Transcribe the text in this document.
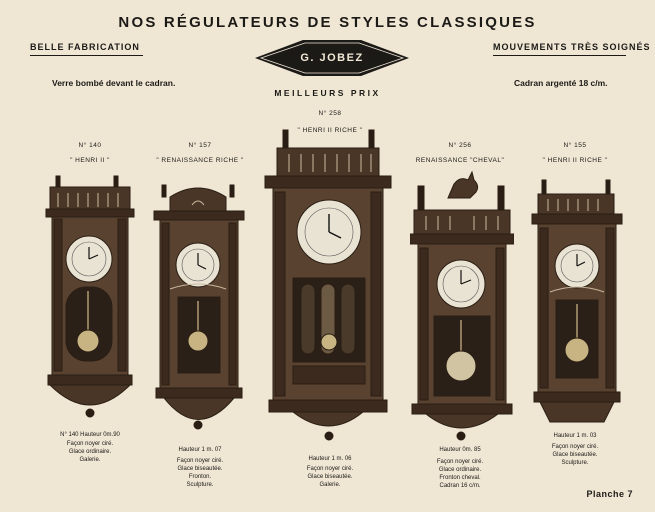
NOS RÉGULATEURS DE STYLES CLASSIQUES
BELLE FABRICATION	MOUVEMENTS TRÈS SOIGNÉS
Verre bombé devant le cadran.	Cadran argenté 18 c/m.
G. JOBEZ
MEILLEURS PRIX
N° 140
" HENRI II "
N° 140 Hauteur 0m.90
Façon noyer ciré.
Glace ordinaire.
Galerie.
N° 157
" RENAISSANCE RICHE "
Hauteur 1 m. 07
Façon noyer ciré.
Glace biseautée.
Fronton.
Sculpture.
N° 258
" HENRI II RICHE "
Hauteur 1 m. 06
Façon noyer ciré.
Glace biseautée.
Galerie.
N° 256
RENAISSANCE "CHEVAL"
Hauteur 0m. 85
Façon noyer ciré.
Glace ordinaire.
Fronton cheval.
Cadran 16 c/m.
N° 155
" HENRI II RICHE "
Hauteur 1 m. 03
Façon noyer ciré.
Glace biseautée.
Sculpture.
Planche 7
